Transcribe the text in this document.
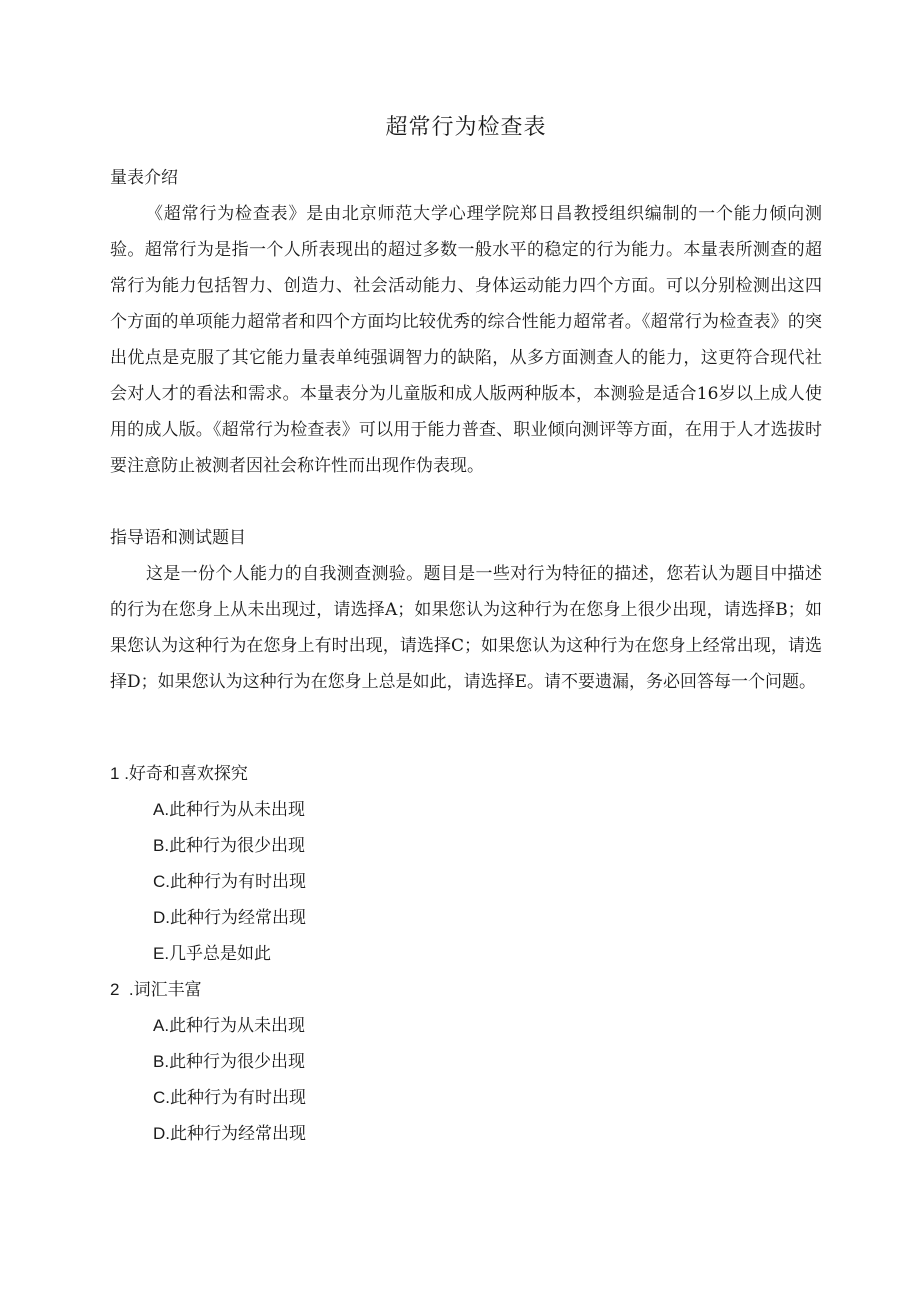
超常行为检查表
量表介绍

《超常行为检查表》是由北京师范大学心理学院郑日昌教授组织编制的一个能力倾向测验。超常行为是指一个人所表现出的超过多数一般水平的稳定的行为能力。本量表所测查的超常行为能力包括智力、创造力、社会活动能力、身体运动能力四个方面。可以分别检测出这四个方面的单项能力超常者和四个方面均比较优秀的综合性能力超常者。《超常行为检查表》的突出优点是克服了其它能力量表单纯强调智力的缺陷，从多方面测查人的能力，这更符合现代社会对人才的看法和需求。本量表分为儿童版和成人版两种版本，本测验是适合16岁以上成人使用的成人版。《超常行为检查表》可以用于能力普查、职业倾向测评等方面，在用于人才选拔时要注意防止被测者因社会称许性而出现作伪表现。

指导语和测试题目

这是一份个人能力的自我测查测验。题目是一些对行为特征的描述，您若认为题目中描述的行为在您身上从未出现过，请选择A；如果您认为这种行为在您身上很少出现，请选择B；如果您认为这种行为在您身上有时出现，请选择C；如果您认为这种行为在您身上经常出现，请选择D；如果您认为这种行为在您身上总是如此，请选择E。请不要遗漏，务必回答每一个问题。

1 .好奇和喜欢探究
A.此种行为从未出现
B.此种行为很少出现
C.此种行为有时出现
D.此种行为经常出现
E.几乎总是如此
2  .词汇丰富
A.此种行为从未出现
B.此种行为很少出现
C.此种行为有时出现
D.此种行为经常出现
